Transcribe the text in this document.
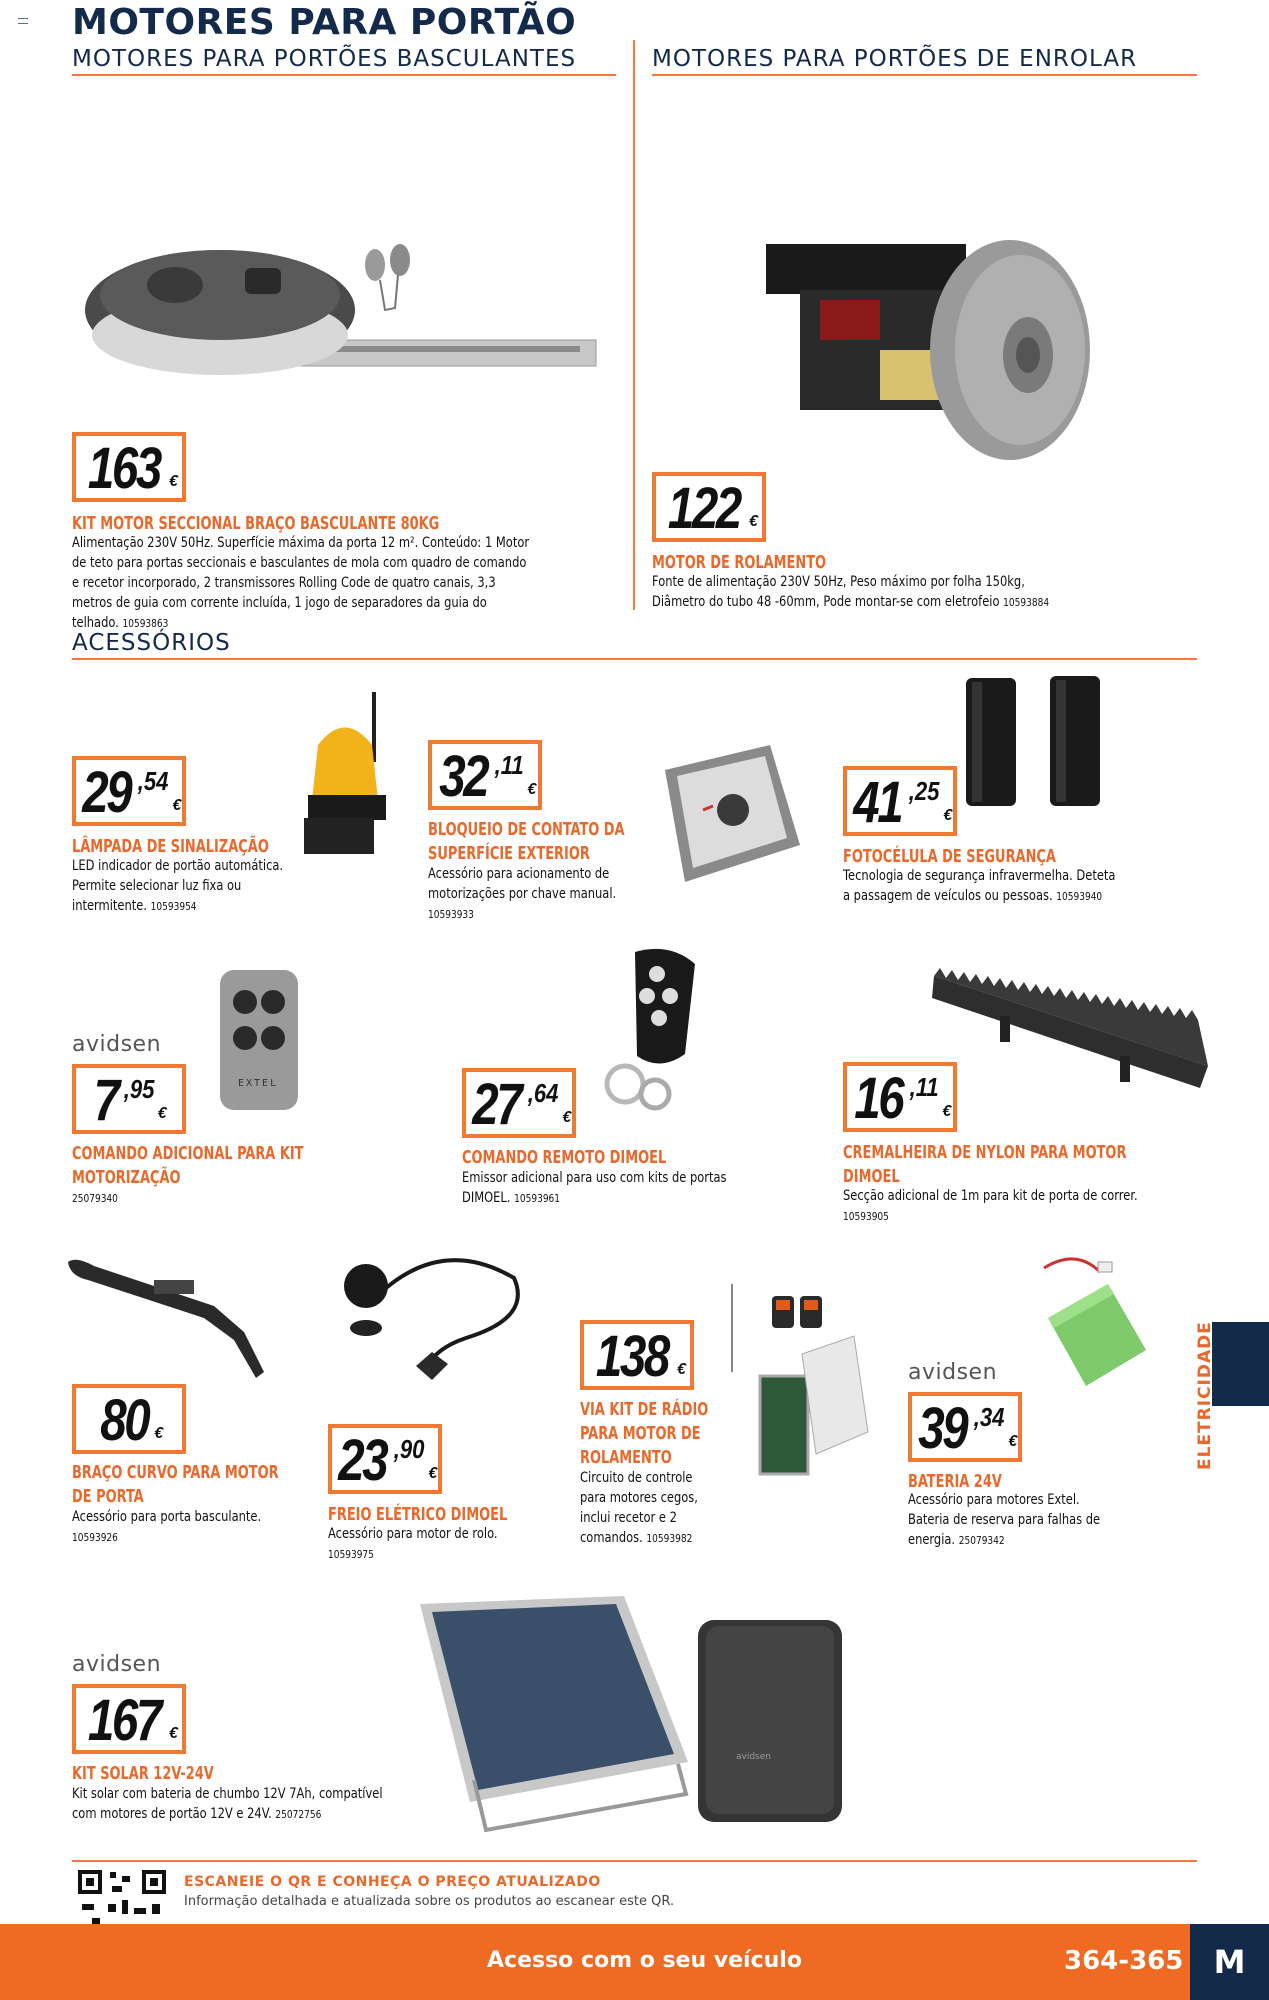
MOTORES PARA PORTÃO
MOTORES PARA PORTÕES BASCULANTES	MOTORES PARA PORTÕES DE ENROLAR
163 €
KIT MOTOR SECCIONAL BRAÇO BASCULANTE 80KG
Alimentação 230V 50Hz. Superfície máxima da porta 12 m². Conteúdo: 1 Motor de teto para portas seccionais e basculantes de mola com quadro de comando e recetor incorporado, 2 transmissores Rolling Code de quatro canais, 3,3 metros de guia com corrente incluída, 1 jogo de separadores da guia do telhado. 10593863
122 €
MOTOR DE ROLAMENTO
Fonte de alimentação 230V 50Hz, Peso máximo por folha 150kg, Diâmetro do tubo 48 -60mm, Pode montar-se com eletrofeio 10593884
ACESSÓRIOS
29 ,54
€
LÂMPADA DE SINALIZAÇÃO
LED indicador de portão automática. Permite selecionar luz fixa ou intermitente. 10593954
32 ,11
€
BLOQUEIO DE CONTATO DA
SUPERFÍCIE EXTERIOR
Acessório para acionamento de motorizações por chave manual. 10593933
41 ,25
€
FOTOCÉLULA DE SEGURANÇA
Tecnologia de segurança infravermelha. Deteta a passagem de veículos ou pessoas. 10593940
EXTEL
avidsen
7 ,95
€
COMANDO ADICIONAL PARA KIT
MOTORIZAÇÃO
25079340
27 ,64
€
COMANDO REMOTO DIMOEL
Emissor adicional para uso com kits de portas DIMOEL. 10593961
16 ,11
€
CREMALHEIRA DE NYLON PARA MOTOR
DIMOEL
Secção adicional de 1m para kit de porta de correr. 10593905
80 €
BRAÇO CURVO PARA MOTOR
DE PORTA
Acessório para porta basculante.
10593926
23 ,90
€
FREIO ELÉTRICO DIMOEL
Acessório para motor de rolo. 10593975
138 €
VIA KIT DE RÁDIO
PARA MOTOR DE
ROLAMENTO
Circuito de controle para motores cegos, inclui recetor e 2 comandos. 10593982
avidsen
39 ,34
€
BATERIA 24V
Acessório para motores Extel. Bateria de reserva para falhas de energia. 25079342
avidsen
avidsen
167 €
KIT SOLAR 12V-24V
Kit solar com bateria de chumbo 12V 7Ah, compatível com motores de portão 12V e 24V. 25072756
ESCANEIE O QR E CONHEÇA O PREÇO ATUALIZADO
Informação detalhada e atualizada sobre os produtos ao escanear este QR.
ELETRICIDADE
Acesso com o seu veículo	364-365 M
